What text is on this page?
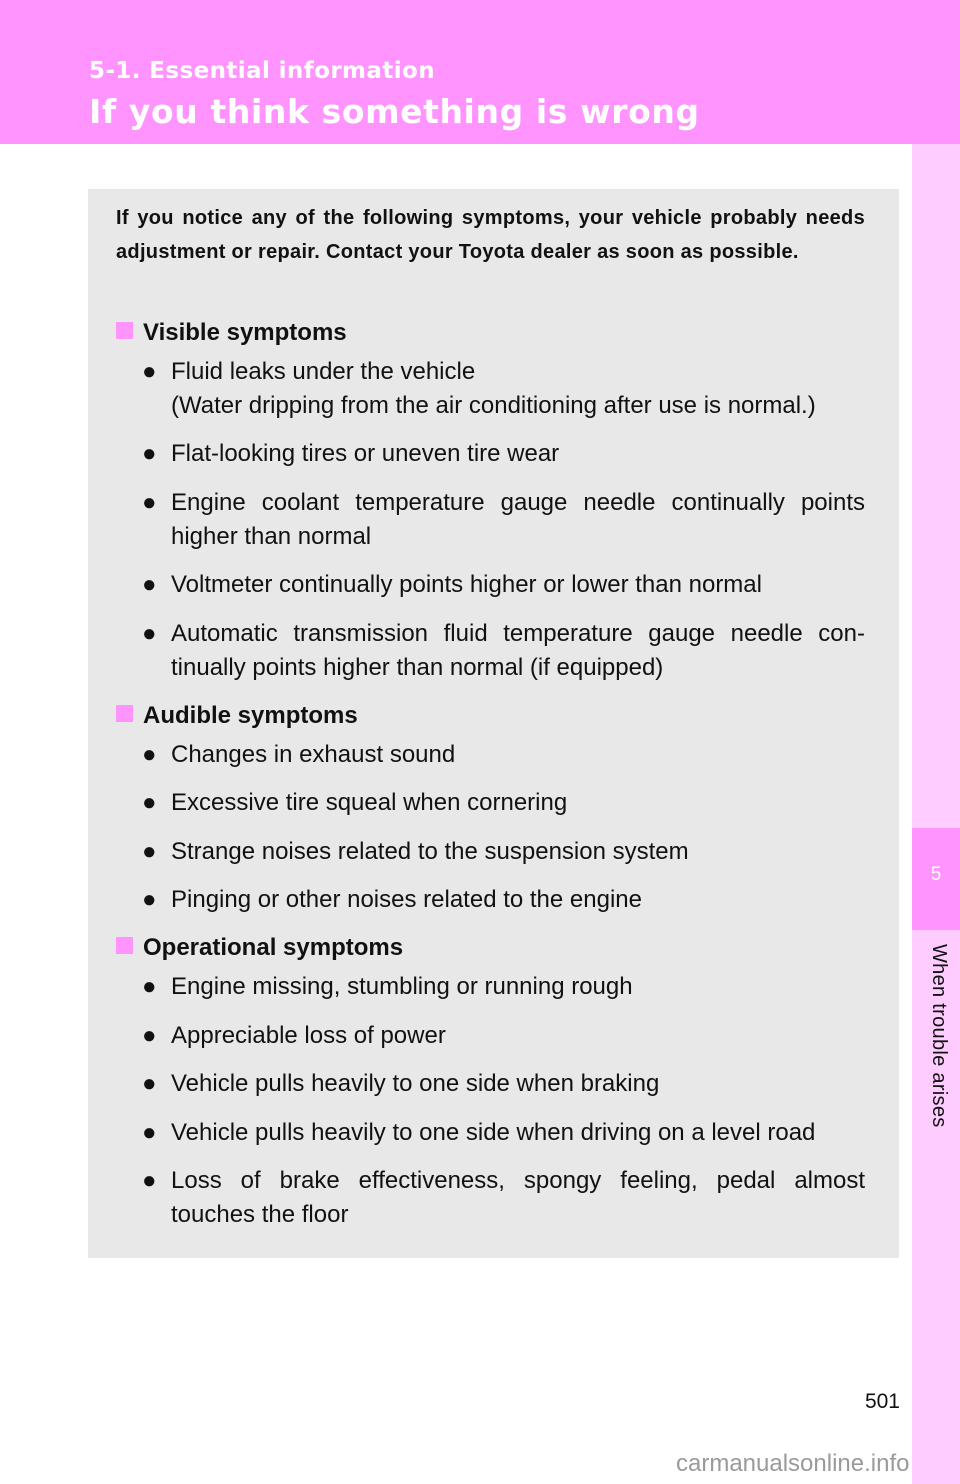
5-1. Essential information
If you think something is wrong
5
When trouble arises
If you notice any of the following symptoms, your vehicle probably needs adjustment or repair. Contact your Toyota dealer as soon as possible.
Visible symptoms
● Fluid leaks under the vehicle
(Water dripping from the air conditioning after use is normal.)
● Flat-looking tires or uneven tire wear
● Engine coolant temperature gauge needle continually points higher than normal
● Voltmeter continually points higher or lower than normal
● Automatic transmission fluid temperature gauge needle con-tinually points higher than normal (if equipped)
Audible symptoms
● Changes in exhaust sound
● Excessive tire squeal when cornering
● Strange noises related to the suspension system
● Pinging or other noises related to the engine
Operational symptoms
● Engine missing, stumbling or running rough
● Appreciable loss of power
● Vehicle pulls heavily to one side when braking
● Vehicle pulls heavily to one side when driving on a level road
● Loss of brake effectiveness, spongy feeling, pedal almost touches the floor
501
carmanualsonline.info
